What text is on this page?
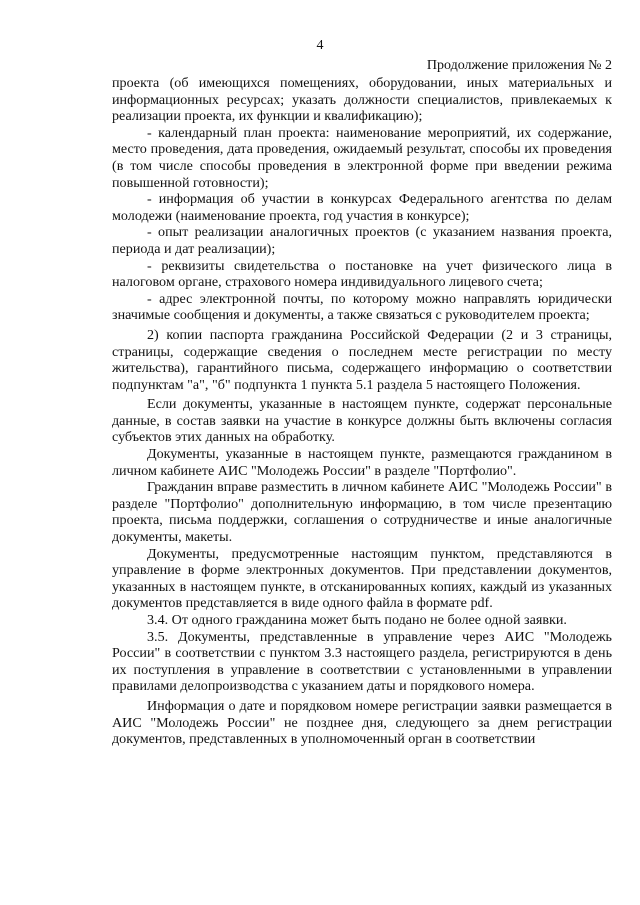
4
Продолжение приложения № 2

проекта (об имеющихся помещениях, оборудовании, иных материальных и информационных ресурсах; указать должности специалистов, привлекаемых к реализации проекта, их функции и квалификацию);

- календарный план проекта: наименование мероприятий, их содержание, место проведения, дата проведения, ожидаемый результат, способы их проведения (в том числе способы проведения в электронной форме при введении режима повышенной готовности);

- информация об участии в конкурсах Федерального агентства по делам молодежи (наименование проекта, год участия в конкурсе);

- опыт реализации аналогичных проектов (с указанием названия проекта, периода и дат реализации);

- реквизиты свидетельства о постановке на учет физического лица в налоговом органе, страхового номера индивидуального лицевого счета;

- адрес электронной почты, по которому можно направлять юридически значимые сообщения и документы, а также связаться с руководителем проекта;

2) копии паспорта гражданина Российской Федерации (2 и 3 страницы, страницы, содержащие сведения о последнем месте регистрации по месту жительства), гарантийного письма, содержащего информацию о соответствии подпунктам "а", "б" подпункта 1 пункта 5.1 раздела 5 настоящего Положения.

Если документы, указанные в настоящем пункте, содержат персональные данные, в состав заявки на участие в конкурсе должны быть включены согласия субъектов этих данных на обработку.

Документы, указанные в настоящем пункте, размещаются гражданином в личном кабинете АИС "Молодежь России" в разделе "Портфолио".

Гражданин вправе разместить в личном кабинете АИС "Молодежь России" в разделе "Портфолио" дополнительную информацию, в том числе презентацию проекта, письма поддержки, соглашения о сотрудничестве и иные аналогичные документы, макеты.

Документы, предусмотренные настоящим пунктом, представляются в управление в форме электронных документов. При представлении документов, указанных в настоящем пункте, в отсканированных копиях, каждый из указанных документов представляется в виде одного файла в формате pdf.

3.4. От одного гражданина может быть подано не более одной заявки.

3.5. Документы, представленные в управление через АИС "Молодежь России" в соответствии с пунктом 3.3 настоящего раздела, регистрируются в день их поступления в управление в соответствии с установленными в управлении правилами делопроизводства с указанием даты и порядкового номера.

Информация о дате и порядковом номере регистрации заявки размещается в АИС "Молодежь России" не позднее дня, следующего за днем регистрации документов, представленных в уполномоченный орган в соответствии
